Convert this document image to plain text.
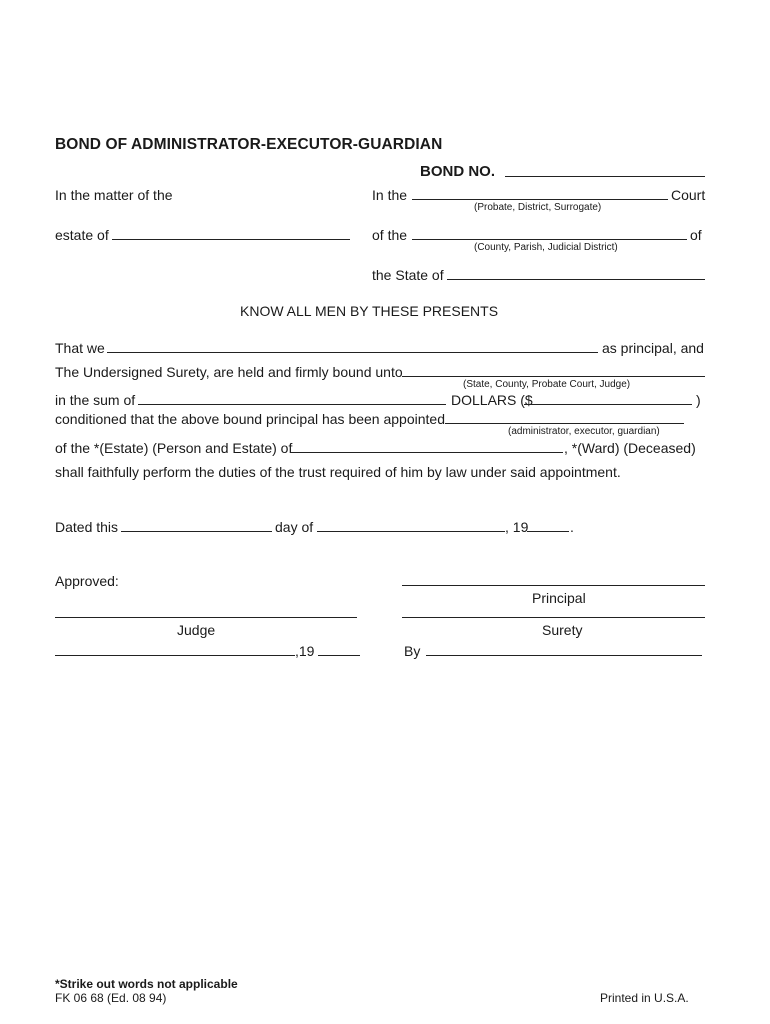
BOND OF ADMINISTRATOR-EXECUTOR-GUARDIAN
BOND NO.
In the matter of the	In the	Court
(Probate, District, Surrogate)
estate of	of the	of
(County, Parish, Judicial District)
the State of
KNOW ALL MEN BY THESE PRESENTS
That we	as principal, and
The Undersigned Surety, are held and firmly bound unto
(State, County, Probate Court, Judge)
in the sum of	DOLLARS ($	)
conditioned that the above bound principal has been appointed
(administrator, executor, guardian)
of the *(Estate) (Person and Estate) of	, *(Ward) (Deceased)
shall faithfully perform the duties of the trust required of him by law under said appointment.
Dated this	day of	, 19	.
Approved:
Principal
Judge	Surety
,19	By
*Strike out words not applicable
FK 06 68 (Ed. 08 94)	Printed in U.S.A.
